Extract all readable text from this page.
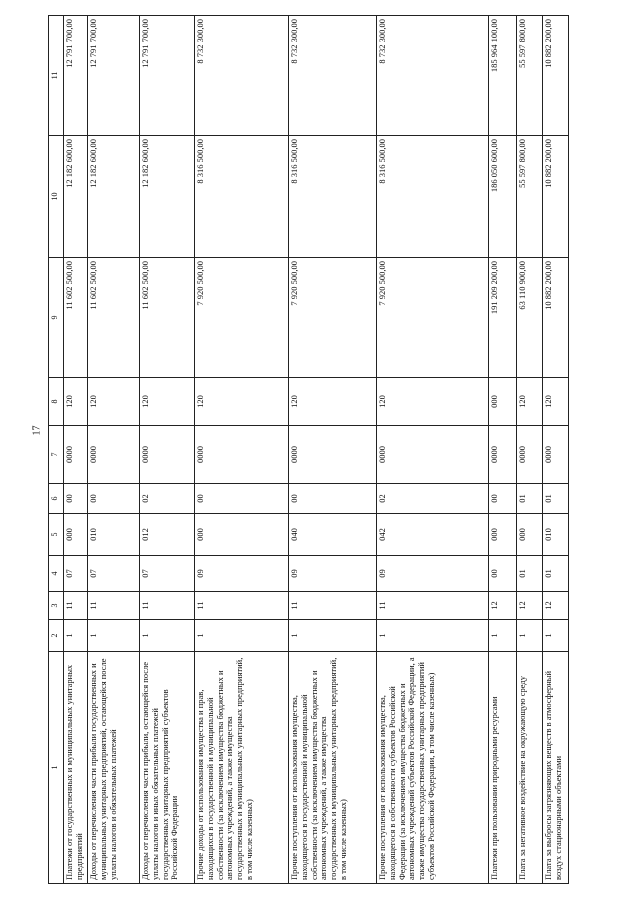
17
1	2	3	4	5	6	7	8	9	10	11
Платежи от государственных и муниципальных унитарных предприятий	1	11	07	000	00	0000	120	11 602 500,00	12 182 600,00	12 791 700,00
Доходы от перечисления части прибыли государственных и муниципальных унитарных предприятий, остающейся после уплаты налогов и обязательных платежей	1	11	07	010	00	0000	120	11 602 500,00	12 182 600,00	12 791 700,00
Доходы от перечисления части прибыли, остающейся после уплаты налогов и иных обязательных платежей государственных унитарных предприятий субъектов Российской Федерации	1	11	07	012	02	0000	120	11 602 500,00	12 182 600,00	12 791 700,00
Прочие доходы от использования имущества и прав, находящихся в государственной и муниципальной собственности (за исключением имущества бюджетных и автономных учреждений, а также имущества государственных и муниципальных унитарных предприятий, в том числе казенных)	1	11	09	000	00	0000	120	7 920 500,00	8 316 500,00	8 732 300,00
Прочие поступления от использования имущества, находящегося в государственной и муниципальной собственности (за исключением имущества бюджетных и автономных учреждений, а также имущества государственных и муниципальных унитарных предприятий, в том числе казенных)	1	11	09	040	00	0000	120	7 920 500,00	8 316 500,00	8 732 300,00
Прочие поступления от использования имущества, находящегося в собственности субъектов Российской Федерации (за исключением имущества бюджетных и автономных учреждений субъектов Российской Федерации, а также имущества государственных унитарных предприятий субъектов Российской Федерации, в том числе казенных)	1	11	09	042	02	0000	120	7 920 500,00	8 316 500,00	8 732 300,00
Платежи при пользовании природными ресурсами	1	12	00	000	00	0000	000	191 209 200,00	186 050 600,00	185 964 100,00
Плата за негативное воздействие на окружающую среду	1	12	01	000	01	0000	120	63 110 900,00	55 597 800,00	55 597 800,00
Плата за выбросы загрязняющих веществ в атмосферный воздух стационарными объектами	1	12	01	010	01	0000	120	10 882 200,00	10 882 200,00	10 882 200,00
